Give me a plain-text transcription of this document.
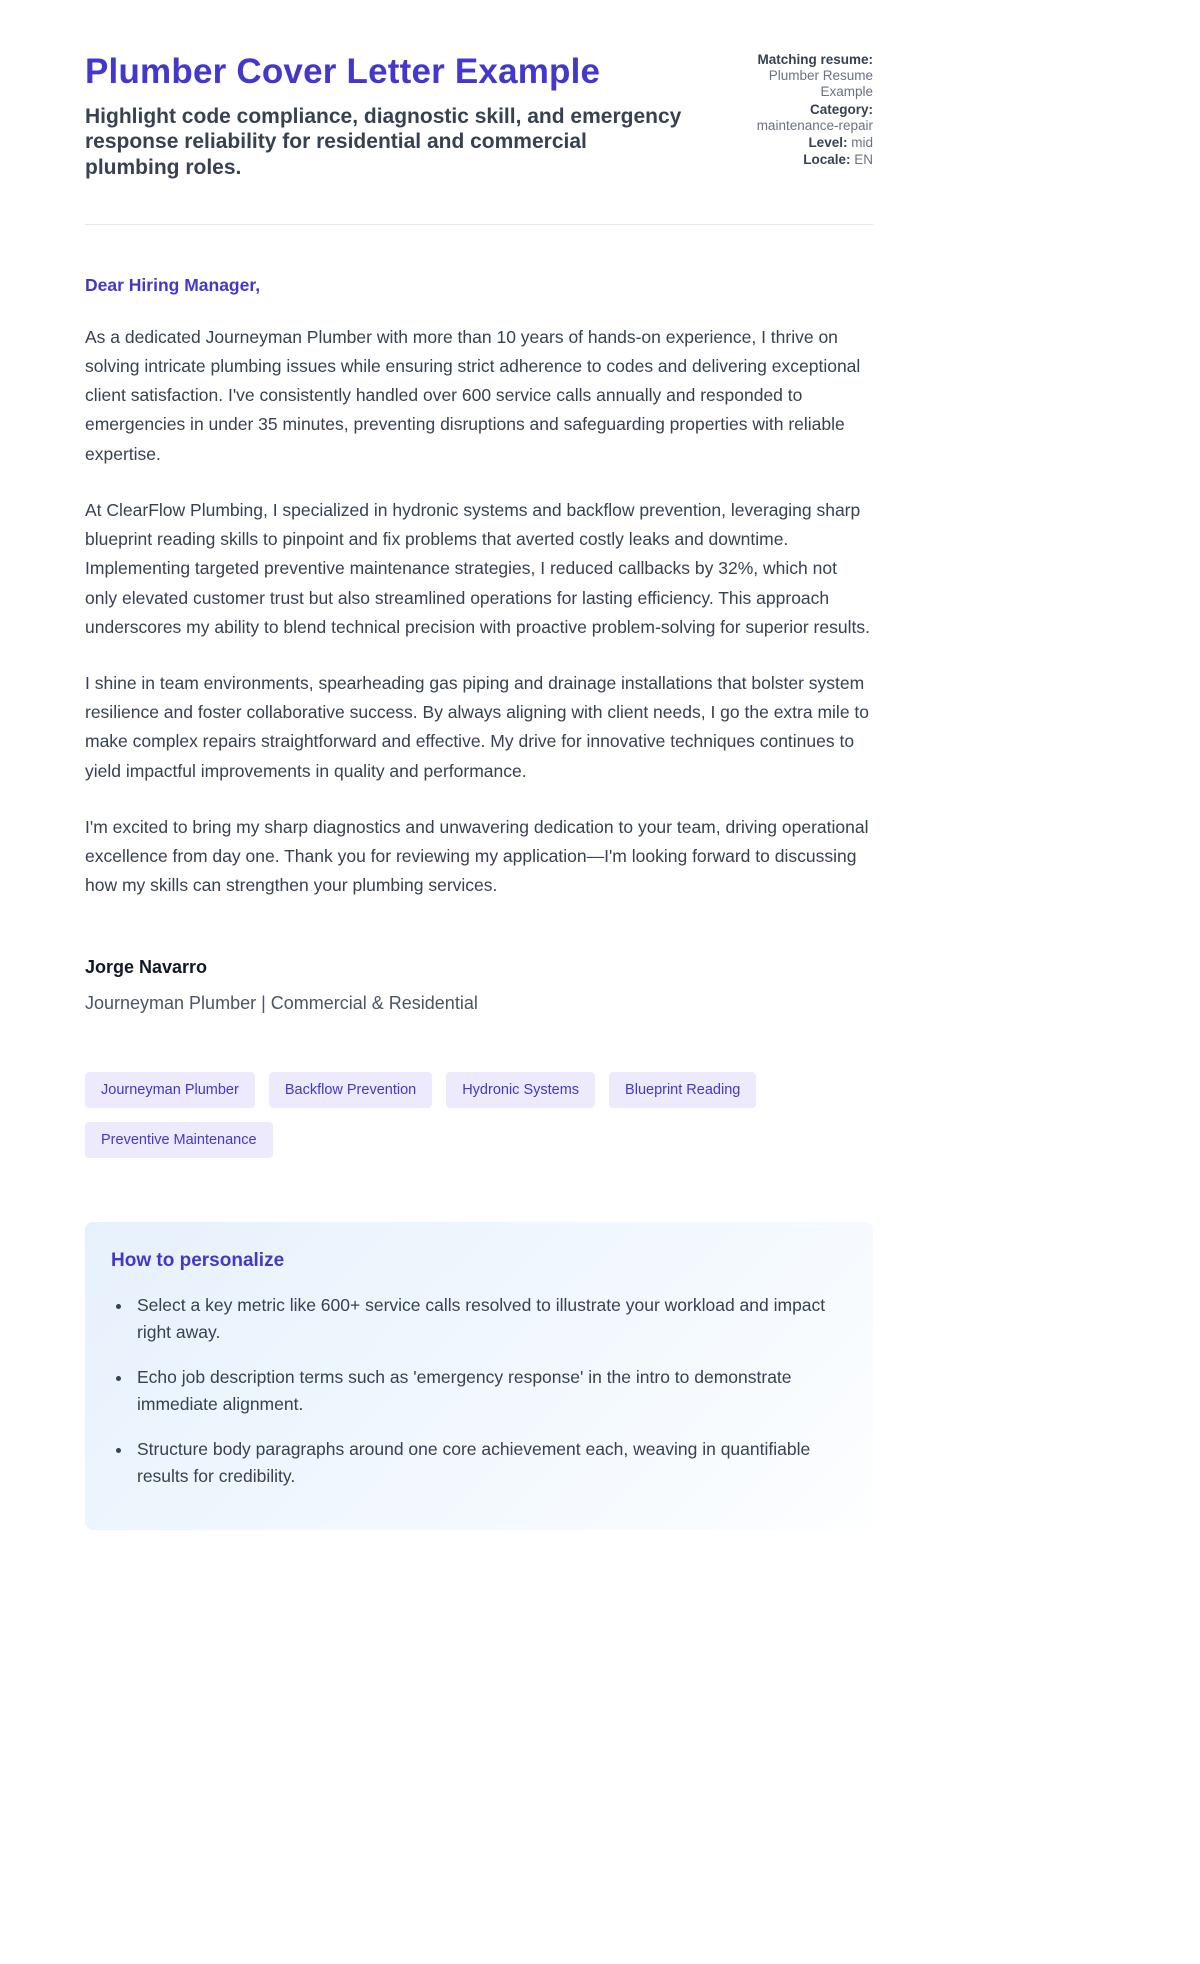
Plumber Cover Letter Example
Highlight code compliance, diagnostic skill, and emergency response reliability for residential and commercial plumbing roles.
Matching resume: Plumber Resume Example
Category: maintenance-repair
Level: mid
Locale: EN

Dear Hiring Manager,

As a dedicated Journeyman Plumber with more than 10 years of hands-on experience, I thrive on solving intricate plumbing issues while ensuring strict adherence to codes and delivering exceptional client satisfaction. I've consistently handled over 600 service calls annually and responded to emergencies in under 35 minutes, preventing disruptions and safeguarding properties with reliable expertise.

At ClearFlow Plumbing, I specialized in hydronic systems and backflow prevention, leveraging sharp blueprint reading skills to pinpoint and fix problems that averted costly leaks and downtime. Implementing targeted preventive maintenance strategies, I reduced callbacks by 32%, which not only elevated customer trust but also streamlined operations for lasting efficiency. This approach underscores my ability to blend technical precision with proactive problem-solving for superior results.

I shine in team environments, spearheading gas piping and drainage installations that bolster system resilience and foster collaborative success. By always aligning with client needs, I go the extra mile to make complex repairs straightforward and effective. My drive for innovative techniques continues to yield impactful improvements in quality and performance.

I'm excited to bring my sharp diagnostics and unwavering dedication to your team, driving operational excellence from day one. Thank you for reviewing my application—I'm looking forward to discussing how my skills can strengthen your plumbing services.

Jorge Navarro

Journeyman Plumber | Commercial & Residential

Journeyman Plumber	Backflow Prevention	Hydronic Systems	Blueprint Reading
Preventive Maintenance
How to personalize
• Select a key metric like 600+ service calls resolved to illustrate your workload and impact right away.
• Echo job description terms such as 'emergency response' in the intro to demonstrate immediate alignment.
• Structure body paragraphs around one core achievement each, weaving in quantifiable results for credibility.
